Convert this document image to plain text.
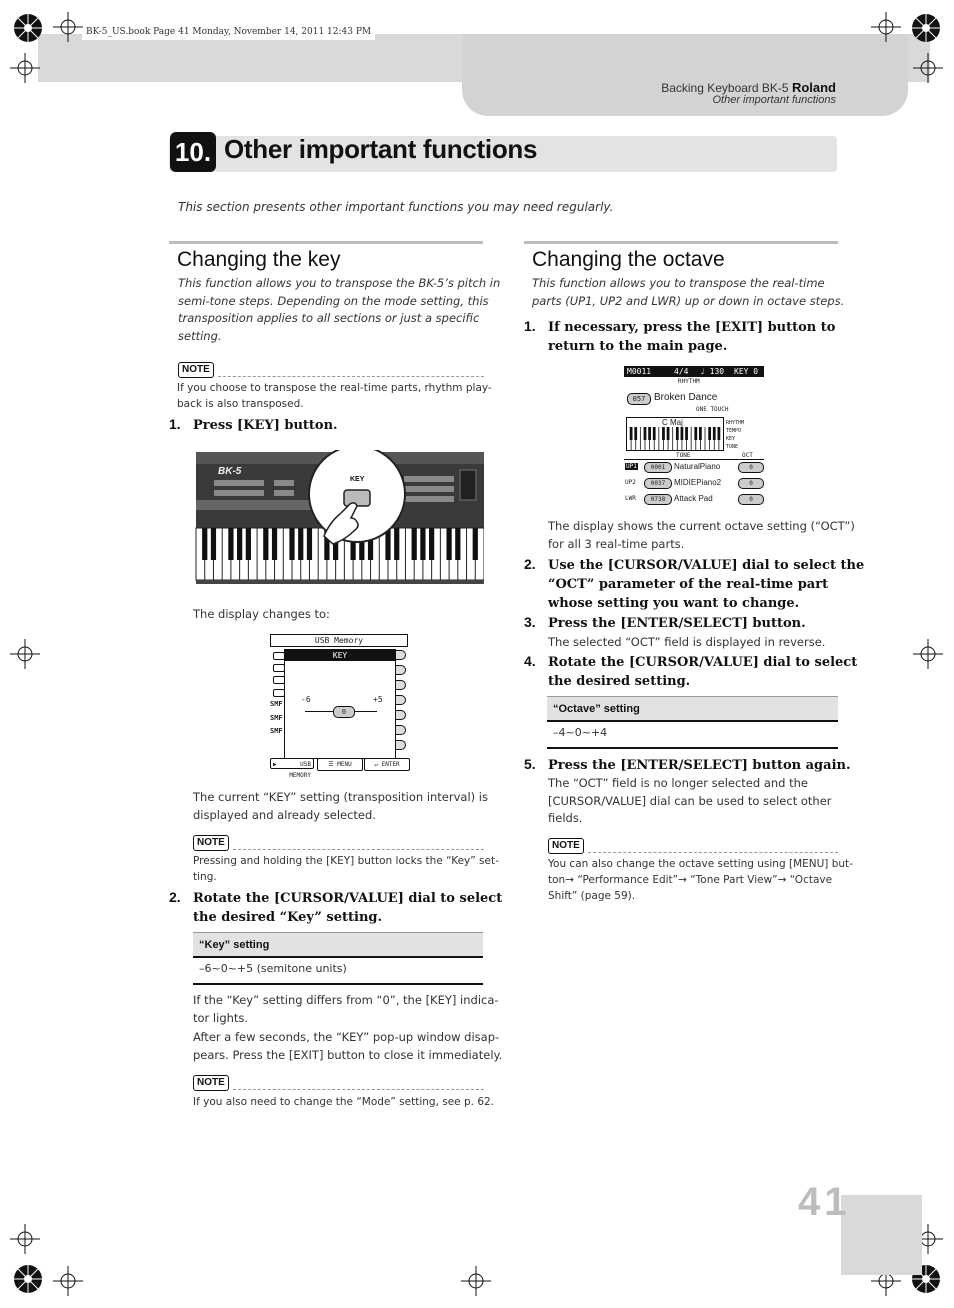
BK-5_US.book Page 41 Monday, November 14, 2011 12:43 PM
Backing Keyboard BK-5 Roland
Other important functions
10. Other important functions
This section presents other important functions you may need regularly.
Changing the key
This function allows you to transpose the BK-5’s pitch in
semi-tone steps. Depending on the mode setting, this
transposition applies to all sections or just a specific
setting.
NOTE
If you choose to transpose the real-time parts, rhythm play-
back is also transposed.
1. Press [KEY] button.
BK-5
KEY
The display changes to:
USB Memory
SMF
SMF
SMF
KEY
-6	+5
0
▶	USB MEMORY
☰ MENU	↵ ENTER
The current “KEY” setting (transposition interval) is
displayed and already selected.
NOTE
Pressing and holding the [KEY] button locks the “Key” set-
ting.
2. Rotate the [CURSOR/VALUE] dial to select
the desired “Key” setting.
“Key” setting
–6~0~+5 (semitone units)
If the “Key” setting differs from “0”, the [KEY] indica-
tor lights.
After a few seconds, the “KEY” pop-up window disap-
pears. Press the [EXIT] button to close it immediately.
NOTE
If you also need to change the “Mode” setting, see p. 62.
Changing the octave
This function allows you to transpose the real-time
parts (UP1, UP2 and LWR) up or down in octave steps.
1. If necessary, press the [EXIT] button to
return to the main page.
M0011	4/4 ♩ 130 KEY 0
RHYTHM
057 Broken Dance
ONE TOUCH
C Maj	RHYTHM
TEMPO
KEY
TONE
TONE	OCT
UP1	0001	NaturalPiano	0
UP2	0037	MIDIEPiano2	0
LWR	0738	Attack Pad	0
The display shows the current octave setting (“OCT”)
for all 3 real-time parts.
2. Use the [CURSOR/VALUE] dial to select the
“OCT” parameter of the real-time part
whose setting you want to change.
3. Press the [ENTER/SELECT] button.
The selected “OCT” field is displayed in reverse.
4. Rotate the [CURSOR/VALUE] dial to select
the desired setting.
“Octave” setting
–4~0~+4
5. Press the [ENTER/SELECT] button again.
The “OCT” field is no longer selected and the
[CURSOR/VALUE] dial can be used to select other
fields.
NOTE
You can also change the octave setting using [MENU] but-
ton→ “Performance Edit”→ “Tone Part View”→ “Octave
Shift” (page 59).
41
